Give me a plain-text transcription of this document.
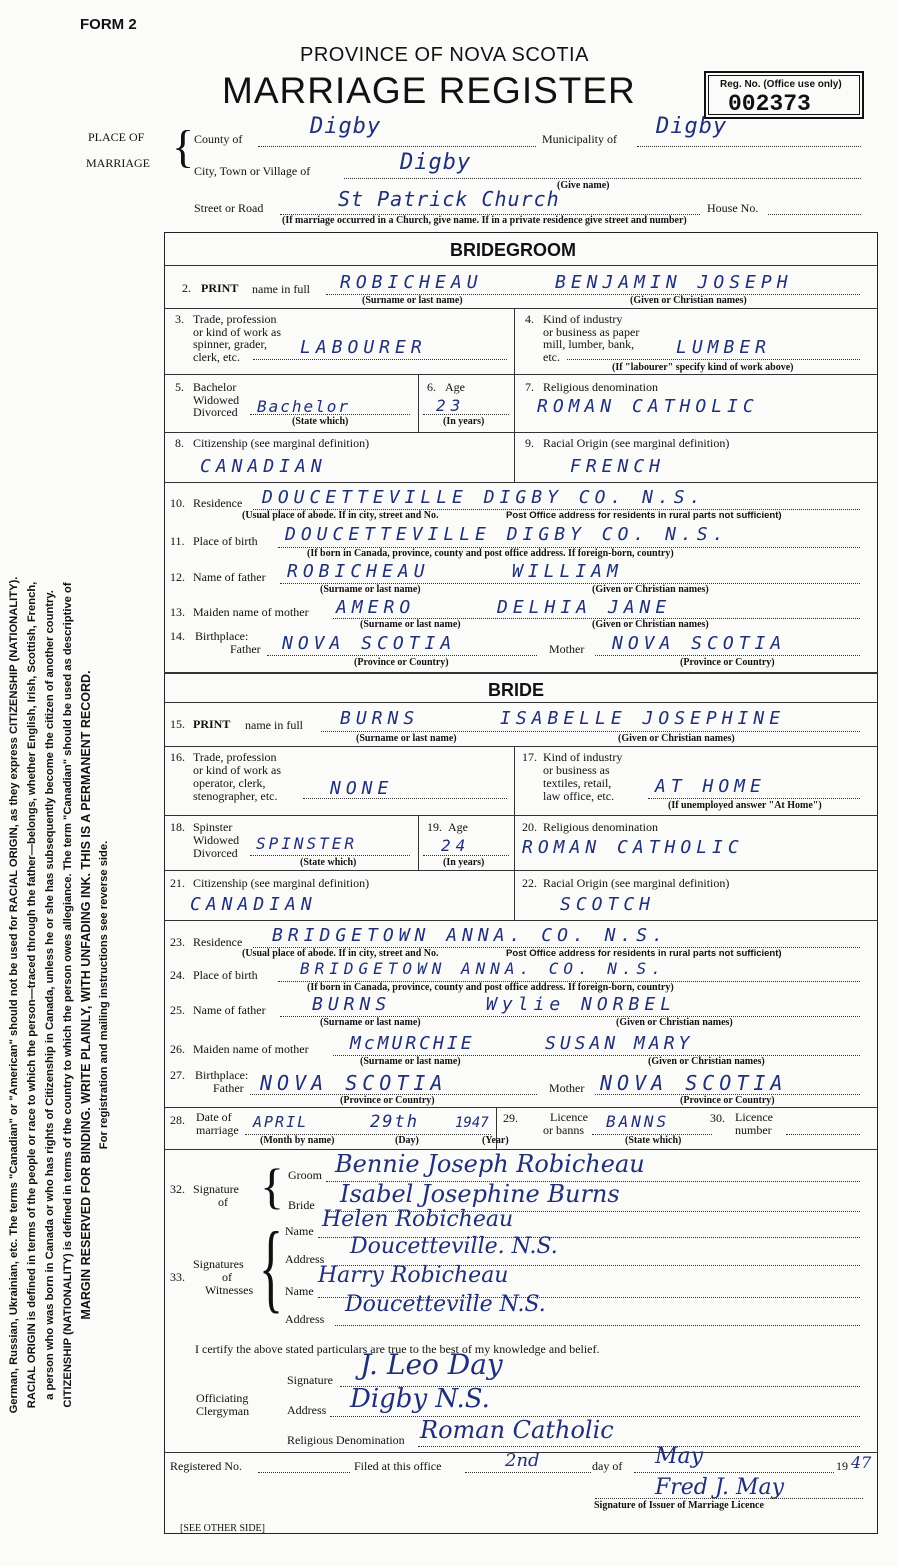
FORM 2
PROVINCE OF NOVA SCOTIA
MARRIAGE REGISTER	Reg. No. (Office use only)
002373
PLACE OF
MARRIAGE { County of	Digby	Municipality of Digby
City, Town or Village of	Digby
(Give name)
Street or Road	St Patrick Church	House No.
(If marriage occurred in a Church, give name. If in a private residence give street and number)
German, Russian, Ukrainian, etc. The terms "Canadian" or "American" should not be used for RACIAL ORIGIN, as they express CITIZENSHIP (NATIONALITY). RACIAL ORIGIN is defined in terms of the people or race to which the person—traced through the father—belongs, whether English, Irish, Scottish, French, a person who was born in Canada or who has rights of Citizenship in Canada, unless he or she has subsequently become the citizen of another country. CITIZENSHIP (NATIONALITY) is defined in terms of the country to which the person owes allegiance. The term "Canadian" should be used as descriptive of MARGIN RESERVED FOR BINDING. WRITE PLAINLY, WITH UNFADING INK. THIS IS A PERMANENT RECORD. For registration and mailing instructions see reverse side.
BRIDEGROOM
2. PRINT name in full ROBICHEAU	BENJAMIN JOSEPH
(Surname or last name)	(Given or Christian names)
3. Trade, profession
or kind of work as
spinner, grader,
clerk, etc.	LABOURER
4. Kind of industry
or business as paper
mill, lumber, bank,
etc.	LUMBER
(If "labourer" specify kind of work above)
5. Bachelor
Widowed
Divorced Bachelor
(State which)
6. Age
23
(In years)
7. Religious denomination
ROMAN CATHOLIC
8. Citizenship (see marginal definition)
CANADIAN
9. Racial Origin (see marginal definition)
FRENCH
10. Residence DOUCETTEVILLE DIGBY CO. N.S.
(Usual place of abode. If in city, street and No.	Post Office address for residents in rural parts not sufficient)
11. Place of birth DOUCETTEVILLE DIGBY CO. N.S.
(If born in Canada, province, county and post office address. If foreign-born, country)
12. Name of father ROBICHEAU	WILLIAM
(Surname or last name)	(Given or Christian names)
13. Maiden name of mother AMERO	DELHIA JANE
(Surname or last name)	(Given or Christian names)
14. Birthplace:
Father NOVA SCOTIA	Mother NOVA SCOTIA
(Province or Country)	(Province or Country)
BRIDE
15. PRINT name in full BURNS	ISABELLE JOSEPHINE
(Surname or last name)	(Given or Christian names)
16. Trade, profession
or kind of work as
operator, clerk,
stenographer, etc.	NONE
17. Kind of industry
or business as
textiles, retail,
law office, etc.	AT HOME
(If unemployed answer "At Home")
18. Spinster
Widowed
Divorced SPINSTER
(State which)
19. Age
24
(In years)
20. Religious denomination
ROMAN CATHOLIC
21. Citizenship (see marginal definition)
CANADIAN
22. Racial Origin (see marginal definition)
SCOTCH
23. Residence BRIDGETOWN ANNA. CO. N.S.
(Usual place of abode. If in city, street and No.	Post Office address for residents in rural parts not sufficient)
24. Place of birth	BRIDGETOWN ANNA. CO. N.S.
(If born in Canada, province, county and post office address. If foreign-born, country)
25. Name of father	BURNS	Wylie NORBEL
(Surname or last name)	(Given or Christian names)
26. Maiden name of mother McMURCHIE	SUSAN MARY
(Surname or last name)	(Given or Christian names)
27. Birthplace:
Father NOVA SCOTIA	Mother NOVA SCOTIA
(Province or Country)	(Province or Country)
28. Date of
marriage APRIL	29th	1947
(Month by name)	(Day)	(Year)
29.	Licence
or banns BANNS
(State which)
30. Licence
number
32. Signature
of { Groom Bennie Joseph Robicheau
Bride Isabel Josephine Burns
33.
Signatures
of
Witnesses { Name Helen Robicheau
Address Doucetteville. N.S.
Name
Harry Robicheau
Address
Doucetteville N.S.
I certify the above stated particulars are true to the best of my knowledge and belief.
Officiating
Clergyman
Signature J. Leo Day
Address Digby N.S.
Religious Denomination Roman Catholic
Registered No.	Filed at this office	2nd	day of May	19 47
Fred J. May
Signature of Issuer of Marriage Licence
[SEE OTHER SIDE]
